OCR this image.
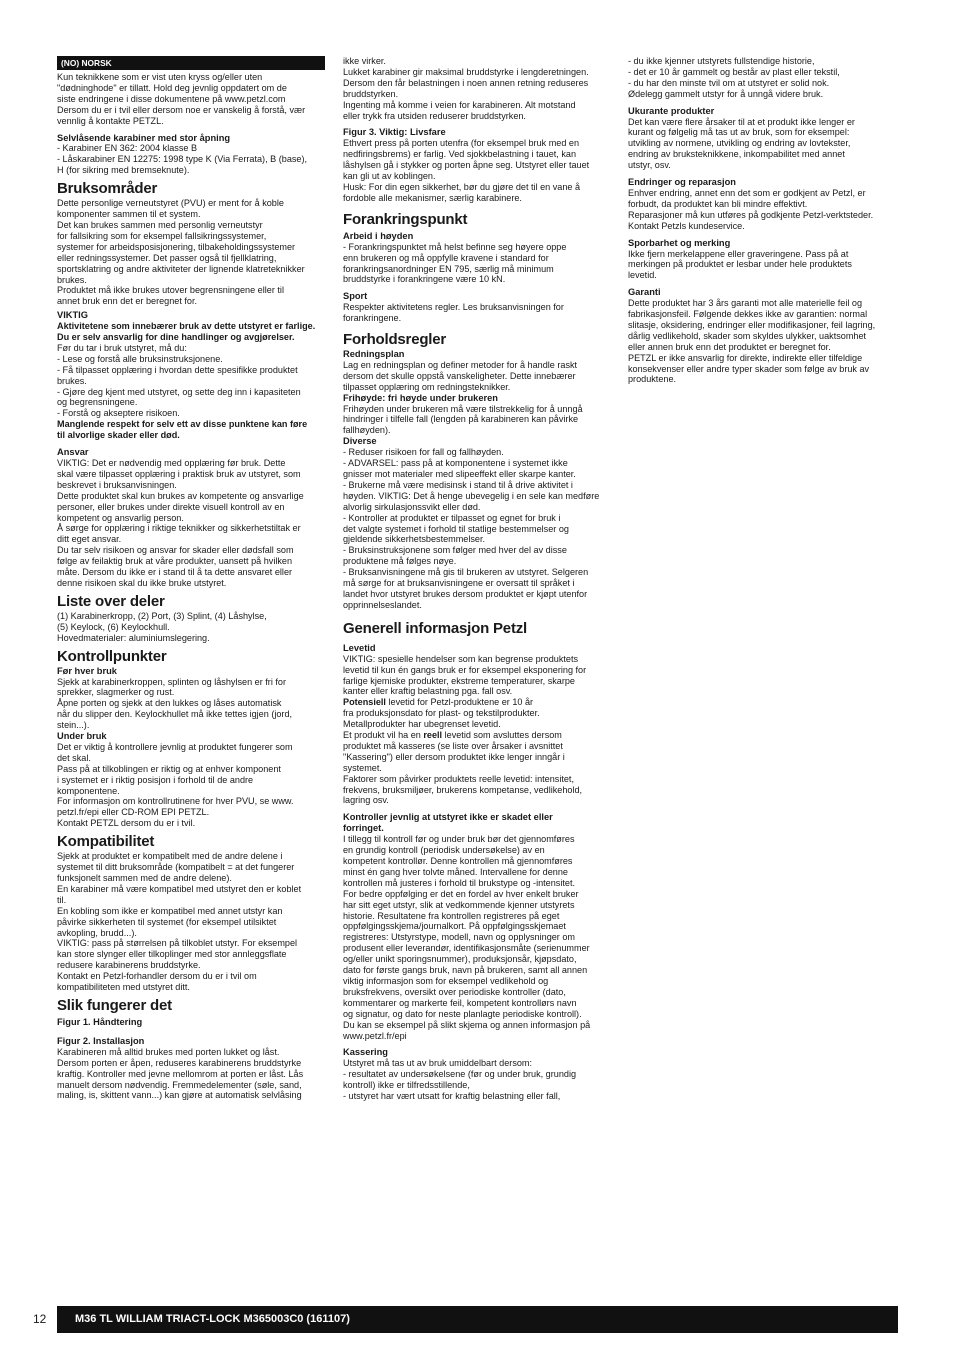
(NO) NORSK
Kun teknikkene som er vist uten kryss og/eller uten
"dødninghode" er tillatt. Hold deg jevnlig oppdatert om de
siste endringene i disse dokumentene på www.petzl.com
Dersom du er i tvil eller dersom noe er vanskelig å forstå, vær
vennlig å kontakte PETZL.
Selvlåsende karabiner med stor åpning
- Karabiner EN 362: 2004 klasse B
- Låskarabiner EN 12275: 1998 type K (Via Ferrata), B (base),
H (for sikring med bremseknute).
Bruksområder
Dette personlige verneutstyret (PVU) er ment for å koble
komponenter sammen til et system.
Det kan brukes sammen med personlig verneutstyr
for fallsikring som for eksempel fallsikringssystemer,
systemer for arbeidsposisjonering, tilbakeholdingssystemer
eller redningssystemer. Det passer også til fjellklatring,
sportsklatring og andre aktiviteter der lignende klatreteknikker
brukes.
Produktet må ikke brukes utover begrensningene eller til
annet bruk enn det er beregnet for.
VIKTIG
Aktivitetene som innebærer bruk av dette utstyret er farlige.
Du er selv ansvarlig for dine handlinger og avgjørelser.
Før du tar i bruk utstyret, må du:
- Lese og forstå alle bruksinstruksjonene.
- Få tilpasset opplæring i hvordan dette spesifikke produktet
brukes.
- Gjøre deg kjent med utstyret, og sette deg inn i kapasiteten
og begrensningene.
- Forstå og akseptere risikoen.
Manglende respekt for selv ett av disse punktene kan føre
til alvorlige skader eller død.
Ansvar
VIKTIG: Det er nødvendig med opplæring før bruk. Dette
skal være tilpasset opplæring i praktisk bruk av utstyret, som
beskrevet i bruksanvisningen.
Dette produktet skal kun brukes av kompetente og ansvarlige
personer, eller brukes under direkte visuell kontroll av en
kompetent og ansvarlig person.
Å sørge for opplæring i riktige teknikker og sikkerhetstiltak er
ditt eget ansvar.
Du tar selv risikoen og ansvar for skader eller dødsfall som
følge av feilaktig bruk at våre produkter, uansett på hvilken
måte. Dersom du ikke er i stand til å ta dette ansvaret eller
denne risikoen skal du ikke bruke utstyret.
Liste over deler
(1) Karabinerkropp, (2) Port, (3) Splint, (4) Låshylse,
(5) Keylock, (6) Keylockhull.
Hovedmaterialer: aluminiumslegering.
Kontrollpunkter
Før hver bruk
Sjekk at karabinerkroppen, splinten og låshylsen er fri for
sprekker, slagmerker og rust.
Åpne porten og sjekk at den lukkes og låses automatisk
når du slipper den. Keylockhullet må ikke tettes igjen (jord,
stein...).
Under bruk
Det er viktig å kontrollere jevnlig at produktet fungerer som
det skal.
Pass på at tilkoblingen er riktig og at enhver komponent
i systemet er i riktig posisjon i forhold til de andre
komponentene.
For informasjon om kontrollrutinene for hver PVU, se www.
petzl.fr/epi eller CD-ROM EPI PETZL.
Kontakt PETZL dersom du er i tvil.
Kompatibilitet
Sjekk at produktet er kompatibelt med de andre delene i
systemet til ditt bruksområde (kompatibelt = at det fungerer
funksjonelt sammen med de andre delene).
En karabiner må være kompatibel med utstyret den er koblet
til.
En kobling som ikke er kompatibel med annet utstyr kan
påvirke sikkerheten til systemet (for eksempel utilsiktet
avkopling, brudd...).
VIKTIG: pass på størrelsen på tilkoblet utstyr. For eksempel
kan store slynger eller tilkoplinger med stor annleggsflate
redusere karabinerens bruddstyrke.
Kontakt en Petzl-forhandler dersom du er i tvil om
kompatibiliteten med utstyret ditt.
Slik fungerer det
Figur 1. Håndtering
Figur 2. Installasjon
Karabineren må alltid brukes med porten lukket og låst.
Dersom porten er åpen, reduseres karabinerens bruddstyrke
kraftig. Kontroller med jevne mellomrom at porten er låst. Lås
manuelt dersom nødvendig. Fremmedelementer (søle, sand,
maling, is, skittent vann...) kan gjøre at automatisk selvlåsing
ikke virker.
Lukket karabiner gir maksimal bruddstyrke i lengderetningen.
Dersom den får belastningen i noen annen retning reduseres
bruddstyrken.
Ingenting må komme i veien for karabineren. Alt motstand
eller trykk fra utsiden reduserer bruddstyrken.
Figur 3. Viktig: Livsfare
Ethvert press på porten utenfra (for eksempel bruk med en
nedfiringsbrems) er farlig. Ved sjokkbelastning i tauet, kan
låshylsen gå i stykker og porten åpne seg. Utstyret eller tauet
kan gli ut av koblingen.
Husk: For din egen sikkerhet, bør du gjøre det til en vane å
fordoble alle mekanismer, særlig karabinere.
Forankringspunkt
Arbeid i høyden
- Forankringspunktet må helst befinne seg høyere oppe
enn brukeren og må oppfylle kravene i standard for
forankringsanordninger EN 795, særlig må minimum
bruddstyrke i forankringene være 10 kN.
Sport
Respekter aktivitetens regler. Les bruksanvisningen for
forankringene.
Forholdsregler
Redningsplan
Lag en redningsplan og definer metoder for å handle raskt
dersom det skulle oppstå vanskeligheter. Dette innebærer
tilpasset opplæring om redningsteknikker.
Frihøyde: fri høyde under brukeren
Frihøyden under brukeren må være tilstrekkelig for å unngå
hindringer i tilfelle fall (lengden på karabineren kan påvirke
fallhøyden).
Diverse
- Reduser risikoen for fall og fallhøyden.
- ADVARSEL: pass på at komponentene i systemet ikke
gnisser mot materialer med slipeeffekt eller skarpe kanter.
- Brukerne må være medisinsk i stand til å drive aktivitet i
høyden. VIKTIG: Det å henge ubevegelig i en sele kan medføre
alvorlig sirkulasjonssvikt eller død.
- Kontroller at produktet er tilpasset og egnet for bruk i
det valgte systemet i forhold til statlige bestemmelser og
gjeldende sikkerhetsbestemmelser.
- Bruksinstruksjonene som følger med hver del av disse
produktene må følges nøye.
- Bruksanvisningene må gis til brukeren av utstyret. Selgeren
må sørge for at bruksanvisningene er oversatt til språket i
landet hvor utstyret brukes dersom produktet er kjøpt utenfor
opprinnelseslandet.
Generell informasjon Petzl
Levetid
VIKTIG: spesielle hendelser som kan begrense produktets
levetid til kun én gangs bruk er for eksempel eksponering for
farlige kjemiske produkter, ekstreme temperaturer, skarpe
kanter eller kraftig belastning pga. fall osv.
Potensiell levetid for Petzl-produktene er 10 år
fra produksjonsdato for plast- og tekstilprodukter.
Metallprodukter har ubegrenset levetid.
Et produkt vil ha en reell levetid som avsluttes dersom
produktet må kasseres (se liste over årsaker i avsnittet
"Kassering") eller dersom produktet ikke lenger inngår i
systemet.
Faktorer som påvirker produktets reelle levetid: intensitet,
frekvens, bruksmiljøer, brukerens kompetanse, vedlikehold,
lagring osv.
Kontroller jevnlig at utstyret ikke er skadet eller
forringet.
I tillegg til kontroll før og under bruk bør det gjennomføres
en grundig kontroll (periodisk undersøkelse) av en
kompetent kontrollør. Denne kontrollen må gjennomføres
minst én gang hver tolvte måned. Intervallene for denne
kontrollen må justeres i forhold til brukstype og -intensitet.
For bedre oppfølging er det en fordel av hver enkelt bruker
har sitt eget utstyr, slik at vedkommende kjenner utstyrets
historie. Resultatene fra kontrollen registreres på eget
oppfølgingsskjema/journalkort. På oppfølgingsskjemaet
registreres: Utstyrstype, modell, navn og opplysninger om
produsent eller leverandør, identifikasjonsmåte (serienummer
og/eller unikt sporingsnummer), produksjonsår, kjøpsdato,
dato for første gangs bruk, navn på brukeren, samt all annen
viktig informasjon som for eksempel vedlikehold og
bruksfrekvens, oversikt over periodiske kontroller (dato,
kommentarer og markerte feil, kompetent kontrollørs navn
og signatur, og dato for neste planlagte periodiske kontroll).
Du kan se eksempel på slikt skjema og annen informasjon på
www.petzl.fr/epi
Kassering
Utstyret må tas ut av bruk umiddelbart dersom:
- resultatet av undersøkelsene (før og under bruk, grundig
kontroll) ikke er tilfredsstillende,
- utstyret har vært utsatt for kraftig belastning eller fall,
- du ikke kjenner utstyrets fullstendige historie,
- det er 10 år gammelt og består av plast eller tekstil,
- du har den minste tvil om at utstyret er solid nok.
Ødelegg gammelt utstyr for å unngå videre bruk.
Ukurante produkter
Det kan være flere årsaker til at et produkt ikke lenger er
kurant og følgelig må tas ut av bruk, som for eksempel:
utvikling av normene, utvikling og endring av lovtekster,
endring av bruksteknikkene, inkompabilitet med annet
utstyr, osv.
Endringer og reparasjon
Enhver endring, annet enn det som er godkjent av Petzl, er
forbudt, da produktet kan bli mindre effektivt.
Reparasjoner må kun utføres på godkjente Petzl-verktsteder.
Kontakt Petzls kundeservice.
Sporbarhet og merking
Ikke fjern merkelappene eller graveringene. Pass på at
merkingen på produktet er lesbar under hele produktets
levetid.
Garanti
Dette produktet har 3 års garanti mot alle materielle feil og
fabrikasjonsfeil. Følgende dekkes ikke av garantien: normal
slitasje, oksidering, endringer eller modifikasjoner, feil lagring,
dårlig vedlikehold, skader som skyldes ulykker, uaktsomhet
eller annen bruk enn det produktet er beregnet for.
PETZL er ikke ansvarlig for direkte, indirekte eller tilfeldige
konsekvenser eller andre typer skader som følge av bruk av
produktene.
12	M36 TL WILLIAM TRIACT-LOCK M365003C0 (161107)
